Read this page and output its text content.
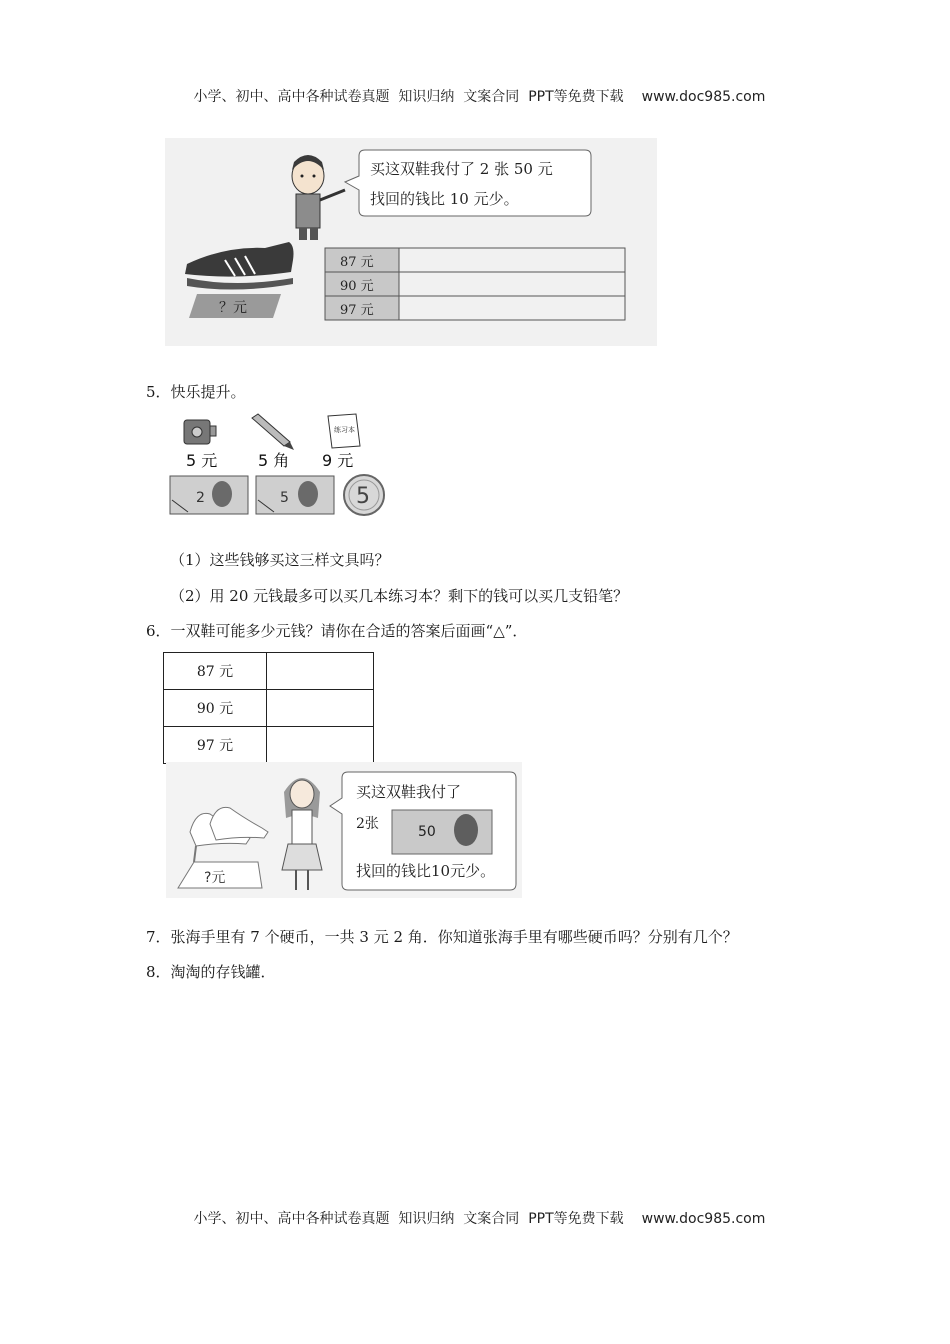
小学、初中、高中各种试卷真题  知识归纳  文案合同  PPT等免费下载 www.doc985.com

买这双鞋我付了 2 张 50 元
找回的钱比 10 元少。
？元
87 元
90 元
97 元
5．快乐提升。
练习本
5 元	5 角 9 元
2	5	5
（1）这些钱够买这三样文具吗？
（2）用 20 元钱最多可以买几本练习本？剩下的钱可以买几支铅笔？
6．一双鞋可能多少元钱？请你在合适的答案后面画“△”．
87 元	
90 元	
97 元	
?元
买这双鞋我付了
2张	50
找回的钱比10元少。
7．张海手里有 7 个硬币，一共 3 元 2 角．你知道张海手里有哪些硬币吗？分别有几个？
8．淘淘的存钱罐．

小学、初中、高中各种试卷真题  知识归纳  文案合同  PPT等免费下载 www.doc985.com
